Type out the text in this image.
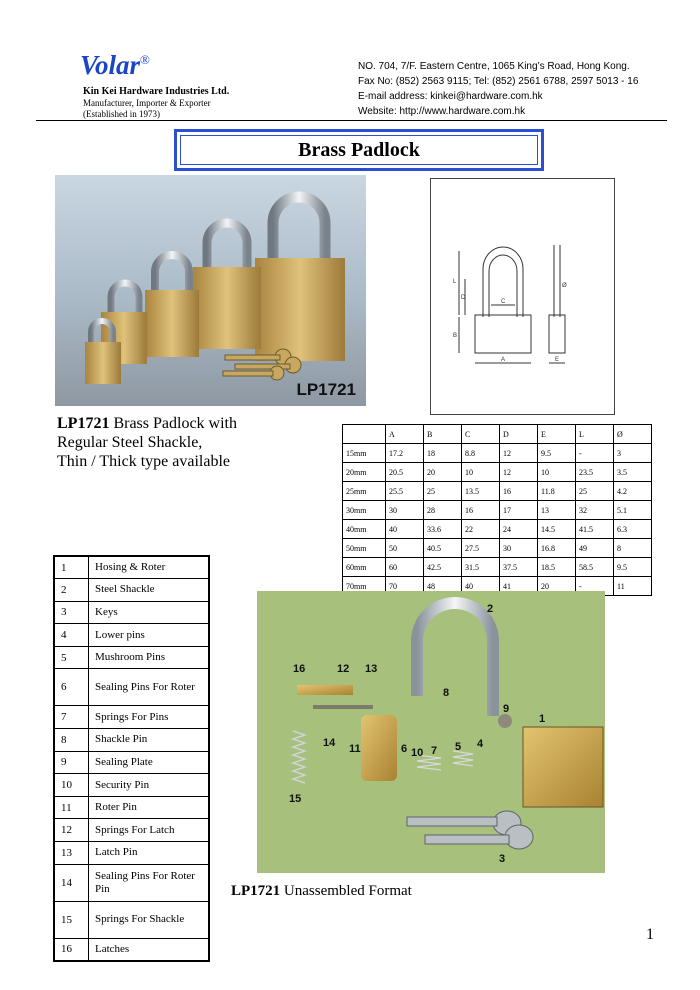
Volar®
Kin Kei Hardware Industries Ltd.
Manufacturer, Importer & Exporter
(Established in 1973)
NO. 704, 7/F. Eastern Centre, 1065 King’s Road, Hong Kong.
Fax No: (852) 2563 9115; Tel: (852) 2561 6788, 2597 5013 - 16
E-mail address: kinkei@hardware.com.hk
Website: http://www.hardware.com.hk
Brass Padlock
LP1721
L
D
C
B
A	E
Ø
LP1721 Brass Padlock with
Regular Steel Shackle,
Thin / Thick type available
	A	B	C	D	E	L	Ø
15mm	17.2	18	8.8	12	9.5	-	3
20mm	20.5	20	10	12	10	23.5	3.5
25mm	25.5	25	13.5	16	11.8	25	4.2
30mm	30	28	16	17	13	32	5.1
40mm	40	33.6	22	24	14.5	41.5	6.3
50mm	50	40.5	27.5	30	16.8	49	8
60mm	60	42.5	31.5	37.5	18.5	58.5	9.5
70mm	70	48	40	41	20	-	11
1	Hosing & Roter
2	Steel Shackle
3	Keys
4	Lower pins
5	Mushroom Pins
6	Sealing Pins For Roter
7	Springs For Pins
8	Shackle Pin
9	Sealing Plate
10	Security Pin
11	Roter Pin
12	Springs For Latch
13	Latch Pin
14	Sealing Pins For Roter Pin
15	Springs For Shackle
16	Latches
1
2
3
4
5
6 7
8
9
10
11
12 13
14
15
16
LP1721 Unassembled Format
1
